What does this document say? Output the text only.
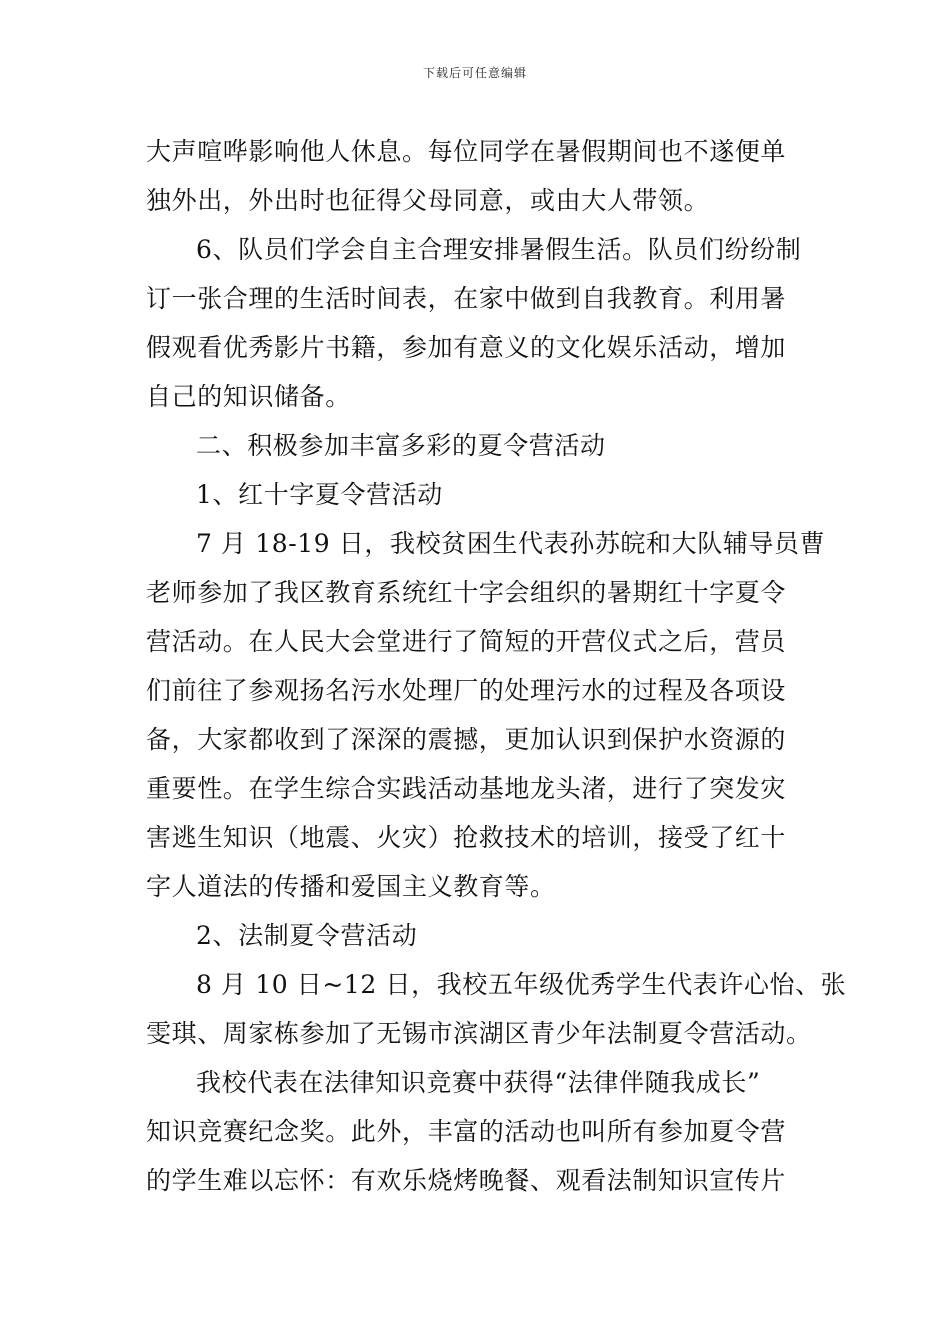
下载后可任意编辑
大声喧哗影响他人休息。每位同学在暑假期间也不遂便单
独外出，外出时也征得父母同意，或由大人带领。
6、队员们学会自主合理安排暑假生活。队员们纷纷制
订一张合理的生活时间表，在家中做到自我教育。利用暑
假观看优秀影片书籍，参加有意义的文化娱乐活动，增加
自己的知识储备。
二、积极参加丰富多彩的夏令营活动
1、红十字夏令营活动
7 月 18-19 日，我校贫困生代表孙苏皖和大队辅导员曹
老师参加了我区教育系统红十字会组织的暑期红十字夏令
营活动。在人民大会堂进行了简短的开营仪式之后，营员
们前往了参观扬名污水处理厂的处理污水的过程及各项设
备，大家都收到了深深的震撼，更加认识到保护水资源的
重要性。在学生综合实践活动基地龙头渚，进行了突发灾
害逃生知识（地震、火灾）抢救技术的培训，接受了红十
字人道法的传播和爱国主义教育等。
2、法制夏令营活动
8 月 10 日~12 日，我校五年级优秀学生代表许心怡、张
雯琪、周家栋参加了无锡市滨湖区青少年法制夏令营活动。
我校代表在法律知识竞赛中获得“法律伴随我成长”
知识竞赛纪念奖。此外，丰富的活动也叫所有参加夏令营
的学生难以忘怀：有欢乐烧烤晚餐、观看法制知识宣传片
